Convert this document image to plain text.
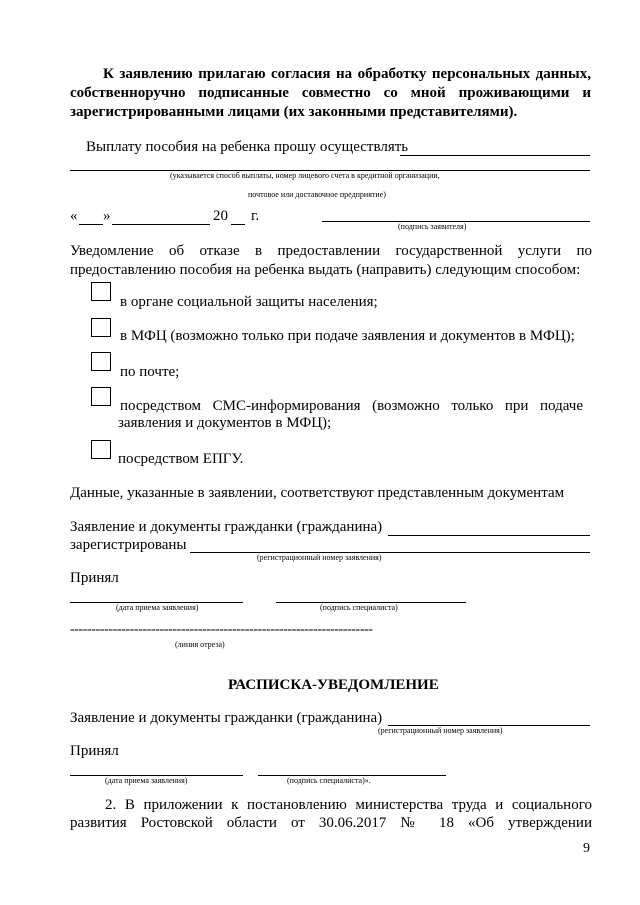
К заявлению прилагаю согласия на обработку персональных данных,
собственноручно подписанные совместно со мной проживающими и
зарегистрированными лицами (их законными представителями).
Выплату пособия на ребенка прошу осуществлять
(указывается способ выплаты, номер лицевого счета в кредитной организации,
почтовое или доставочное предприятие)
« »	20 г.
(подпись заявителя)
Уведомление об отказе в предоставлении государственной услуги по
предоставлению пособия на ребенка выдать (направить) следующим способом:
в органе социальной защиты населения;
в МФЦ (возможно только при подаче заявления и документов в МФЦ);
по почте;
посредством СМС-информирования (возможно только при подаче
заявления и документов в МФЦ);
посредством ЕПГУ.
Данные, указанные в заявлении, соответствуют представленным документам
Заявление и документы гражданки (гражданина)
зарегистрированы
(регистрационный номер заявления)
Принял
(дата приема заявления)	(подпись специалиста)
-----------------------------------------------------------------------
(линия отреза)
РАСПИСКА-УВЕДОМЛЕНИЕ
Заявление и документы гражданки (гражданина)
(регистрационный номер заявления)
Принял
(дата приема заявления)	(подпись специалиста)».
2. В приложении к постановлению министерства труда и социального
развития Ростовской области от 30.06.2017 № 18 «Об утверждении
9
